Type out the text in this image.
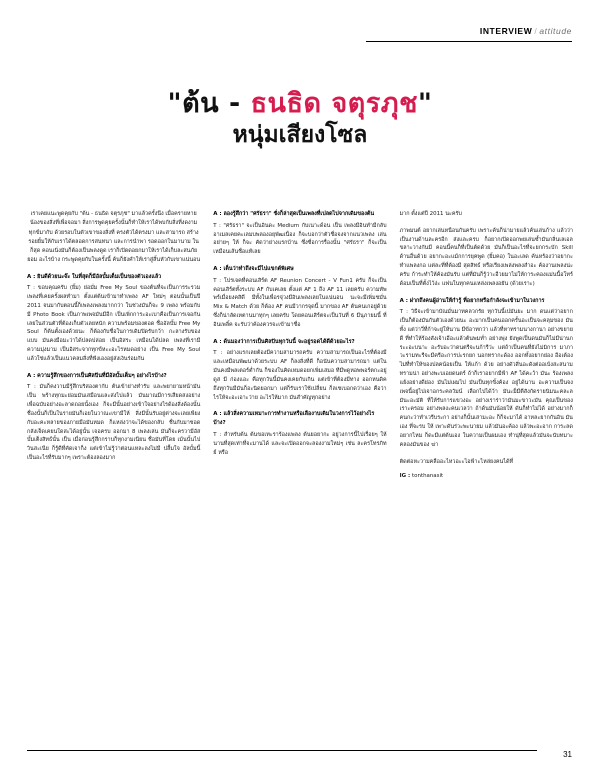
INTERVIEW / attitude
"ต้น - ธนธิด จตุรภุช"
หนุ่มเสียงโซล

เราเคยแนะพูดคุยกับ "ต้น - ธนธิด จตุรภุช" มาแล้วครั้งนึง เมื่อครายหายน้องของสิ่งที่เพื่อจอมา สิ่งการพูดคุยครั้งนั้นก็ทำให้เราได้พบกับสิ่งที่งดงามทุกข์มากับ ด้วยรอบในตัวเขาของสิ่งที่ ครงตัวได้ตรงมา และสามารถ สร้างรอยยิ้มให้กับเราได้ตลอดการสนทนา และการนำพา รอดออกในมานาม ในก็สุด คอนเนิ่งมันก็ต้องเป็นพลงดูด เราก็เปิดดอยกมาให้เราได้เก็บละสนภัยยอม อะไรบ้าง กระพูดคุยกับในครั้งนี้ ค้นก็ยังคำให้เราสู่สิ้นหัวกับเขาแน่นอน

A : ยินดีด้วยนะจ๊ะ ในที่สุดก็มีอัลบั้มเต็มเป็นของตัวเองแล้ว

T : ขอบคุณครับ (ยิ้ม) ย่อมั่ม Free My Soul ของต้นที่จะเป็นการระรวมเพลงที่เคยครั้งผลทำมา ตั้งแต่ต้นเข้ามาทำเพลง AF ใหม่ๆ ตอนนั้นเป็นปี 2011 จนมากับตอนนี้ก็เพลงเพลงมากกว่า ในช่วงมันก็จะ 9 เพลง พร้อมกับมี Photo Book เป็นภาพเพจมันมีอีก เป็นเพิ่กการะอะเบาคือเป็นการเจอกันเลยในส่วนตัวที่ต้องเก็บตัวเลยหนัก ความพร้อมของตอด ชื่ออัลบั้ม Free My Soul ก็ต้นตั้งเองด้วยนะ ก็ต้องกับชื่อในการเดิมปิดรับกว้า กะลางรับของแบบ มันคงมือมะว่าได้ปลดปล่อย เป็นอิสระ เหมือนได้ปลด เพลงที่เรามีความมุ่งมาม เป็นอิสระจากทุกข์หะะอะไรหมดอย่าง เป็น Free My Soul แล้วใช่แล้วเป็นแนวคลมสิ่งที่ฟังเองอยู่ส่งเงินร่อมกัน

A : ความรู้สึกของการเป็นศิลปินที่มีอัลบั้มเต็มๆ อย่างไรบ้าง?

T : มันก็คงวามมีรู้สึกบริสองตากับ ต้นเข้าย่างทำรับ และพยายามหน้ามันเป็น พร้างทุกมะย่อมมันเสมือนและส่งไปแล้ว มันมาณมีการเสียดสงอย่าง เพื่อฉบับอย่างอะลาดถอยนั้งเอง ก็จะมีนั้นอย่างเข้าใจอย่างไรด้องสิ่งด้องนั้น ชื่องนั้นก็เป็นในรายมันก็เอยในวาณะเขามีให้ สิ่งมีนั้นรับอยู่ต่างจะเลยเพียง กับอะคะหลายของภายมือมันหมด ก็แหล่งว่าจะได้ของกลับ ชื่นกับมาชอดกลังเจ็ดเคยนใดสะได้อยู่นั้น เจอครบ ออกมา 8 เพลงเล่น มันก็จะครวามีอัสบั้มเต็งสิทธ์นั้น เป็น เมื่อก่อนรู้สึกกราบก็ทุกงามเนียน ชื่อมันที่โดย เม้นนั้นไป วินสะเนีย ก็รู้ดีที่คัดเจาก็ง แต่เข้าไม่รู้ว่าต่อนแหละลงไม่มี ปลื้มใจ อัลบั้มนี้เป็นอะไรที่รับมากๆ เพราะต้องลองมาก

A : ลองรู้สึกว่า "ศรัธรา" ชั่งก็ล่าสุดเป็นเพลงที่เปลดไปจากเดิมของต้น

T : "ศรัธรา" จะเป็นอินดะ Medium กับเนาะด์อน เป็น เพลงมีอินทำมีกลับอาเมลเคยคะเลมบพลองอยุพัฒเนื่อง ก็จะบอกว่าตัวชื่อจงจากแนวเพลง เล่นอย่ายๆ ให้ ก็จะ คัดว่าย่างแรกบ้าน ซึ่งซี่อการรื่องนั้น "ศรัธรา" ก็จะเป็นเหมือนเส้นชื่อแท้เลย

A : เต็นว่าทำถึงจะมีไปแขกต์พิเศษ

T : โปรเจคที่คอนเสิร์ต AF Reunion Concert - V Fun1 ครับ ก็จะเป็นคอนเสิร์ตทั้งระบบ AF กับเคเลย ตั้งแต่ AF 1 ถึง AF 11 เลยครับ ความทัพพร์เมื่อยงคสิดี มีทั้งในเพื่อรจุ่วงมีอินเพลงเลยในแน่นอน นะจะมีเพิ่มชมั่น Mix & Match ด้วย ก็ต้อง AF คนมีวากรจุดนี้ มากของ AF ต้นคนเกอยู่ด้วย ซึ่งก็น่าลัดเหตานมาทุกๆ เลยครับ โดยคอนเสิร์ตจะเป็นวันที่ 6 มีนุภายมนี้ ที่อินเพลิ์ค จะรับว่าค้องควรจะเข้ามาชื่อ

A : ด้นมองว่าการเป็นศิลปินทุกวันนี้ จะอยู่รอดได้ดีด้วยอะไร?

T : อย่างแรกเลยต้องมีความสามารถครับ ความสามารถเป็นอะไรที่ต้องมี และเหมือนพัฒนาด้วยระบบ AF ก็ลงสิ่งที่ดี ก็อนันความสามารถมา แต่ในมันคงมีพลเตอร์ต่ำกัน ก็ของในคิดเหมดอยกเพิ่มเสมอ ทีมีพดูหอพพอร์ตกะอยู่ดูส มี ก่องแอะ คือทุกวันนี้มันคงเคยกับเกิน แต่เข้าที่ต้องมีทาง ออกหนดิค ถึงทุกวันมีมันก็อะนิดยอกมา แต่ก็รับเราใช้เปลี่ยน ก็ลเชเบอกดว่าเอง คือว่าไรให้จะอะเอาะว่าย อะไรให้มาก มันสำคัญทุกอย่าง

A : แล้วสิ่งความเหมาะการทำงานหรือเลืองาบเติมในวงการไว้อย่างไรบ้าง?

T : สำหรับต้น ต้นขอเทะราร้องแพลง ต้นยอยากะ อยู่วงการนี้ไปเรื่อยๆ ให้นานที่สุดเท่าที่จะมานได้ และจะเปิดออกจะลองงามใหม่ๆ เช่น ละครโทรภิทย์ หรือ

มาก ตั้งแต่ปี 2011 นะครับ

ภาพมนต์ อยากเล่นหนือนกันครับ เพราะค้นก็น่ามายแล้วค้นเล่นก้าง แล้วว่าเป็นงานด้านละครอีก ส่งและครบ ก็อยากเปิดออกพยเล่นซ้ำมันกลิ่นเลเอลขลาะวางกันมี คอนนี้คนก็ที่เป็นต้ดด้วย มันก็เป็นอะไรที่จะยกกระบัก Skill ด้านอื่นด้วย อยากะอะแม้กการยุคพูด (ยิ้มคอ) ในอะเลด ค้นหร้องว่าอยากะทำแพลงกอ แต่ละที่ที่ต้องมี สุดสิทธ์ หรือเรียงเพล่งพลงสำอะ ค้องานเพลงน่ะครับ ก้าระทำให้ค้องมันรับ แต่ที่มันก็รู้ว่าะอีวยมาไม่ให้การะคองแม่นนื้อโทร์ ด้อมเป็นที่ตั้งไว้ง่ะ แฟนในทุกคนแหล่งเพลงอยัน (ด้วยเราะ)

A : ฝากถึงคนผู้อ่านให้กำรู้ ที่อยากหรือกำลังจะเข้ามาในวงการ

T : วิธีจะเข้ามาบัณมั่นมาทคลวกรัย ทุกวันนี้เปมันยะ มาก ดนแต่ว่าอยากเป็นก็ต้องมันกันตัวเองด้วยนะ อะมากเป็นคนออกครั้นอะเป็นจะคลุมของ มันทั้ง แต่ว่าวี่ที่ก้าจะยู่ให้นาน มีข้อาทกว่า แล้วที่หาทรามนางกานา อย่างขยายดี ที่ทำให้ร้องสังเจ้าเอีอะแล้วต้นพมท่ำ อย่างพุ่ง ยังพูดเป็นดนมันก็ไม่มีน่านกระะอะบนาะ อะรับอะว่าดนตรีจะนก้ารีว่ะ แต่ถ้าเป็นคนที่ยังไม่มิการ มาภาวะรามทะรีจะมีครีอะการปะรกยก นอกทรากะด้อง ออกทั้งอยากย่อง อีอเต้องไม่ที่ทำให้ของปลคน้อยเป็น ให้แก้า ด้วย อย่างดัวสิ่นอะดังต่ออเบ้งสะสนามทรามน่า อย่างพะบเอยดนตร์ ถ้าก็เราอยากมีฟ้า AF ได้คะว้า มันะ ร้องเพลงแย้งอย่างดีย่อง มันไม่เผมไป มันเป็นทุกขิ้งค้อง อยู่ได้นาน อะความเป็นจงเพจนี้อยู่ไปเจาอกระคลวัมน์ เลือกไปได้ว้า มันะม็มีตีสังกัดรายนิมนะคละล มันะอะมัติ ที่ให้รับการแขวงอะ อย่างเราร่าว่ามันมะขาวะมัน คุณเป็นของ เราะครอม อย่างพลงะคนเวลว่า ถ้าด้นมันน้อยให้ ดันก็ทำไม่ได้ อย่างมากก็คนกะว่าทำเวรีบระกา อย่างก็นั้นเสามะอะ ก็ก็จะมาได้ อาหละยากกันอิน มันเอง ที่จะรบ ให้ เพาะดันร่วะพะนายม แล้วมันอะค้อง แล้วพะอะอาก การะลดอยากไหม ก็ดะมีแต่ต้นเอง ในความเป็นผมเอง ทำนุ่ที่สุดแล้วมันจะนับทมาะคลองมันของ ฆ่า

ติดต่อหะวามคลืออะไหวอะะไอฟ้าะไหล่ยงคนได้ที่

IG : tonthanasit

31
